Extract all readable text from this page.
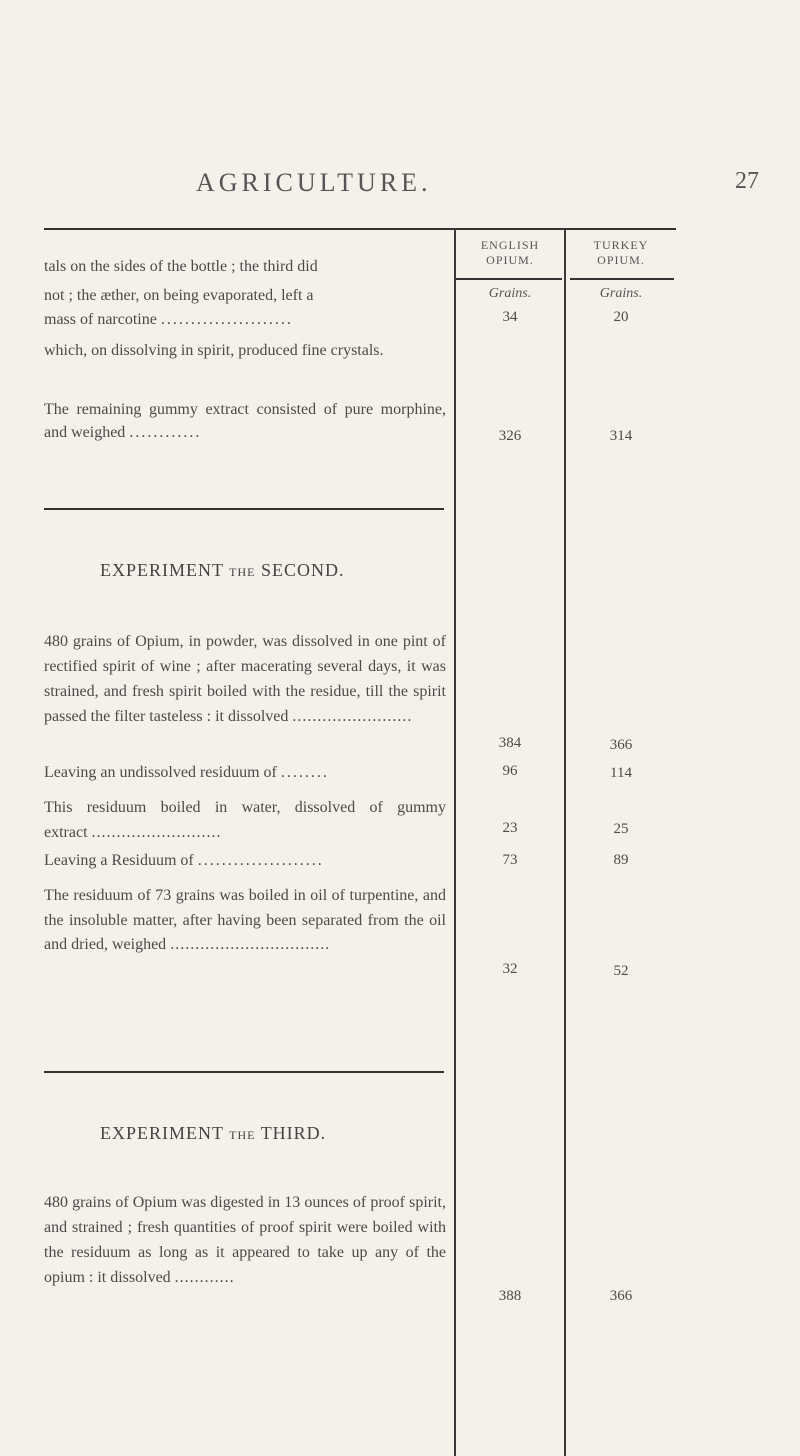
AGRICULTURE.	27
ENGLISH
OPIUM.
TURKEY
OPIUM.
Grains.	Grains.
tals on the sides of the bottle ; the third did
not ; the æther, on being evaporated, left a
mass of narcotine ......................	34	20
which, on dissolving in spirit, produced fine crystals.
The remaining gummy extract consisted of pure morphine, and weighed ............	326	314
EXPERIMENT THE SECOND.
480 grains of Opium, in powder, was dissolved in one pint of rectified spirit of wine ; after macerating several days, it was strained, and fresh spirit boiled with the residue, till the spirit passed the filter tasteless : it dissolved ........................
384	366
Leaving an undissolved residuum of ........	96	114
This residuum boiled in water, dissolved of gummy extract ..........................	23	25
Leaving a Residuum of .....................	73	89
The residuum of 73 grains was boiled in oil of turpentine, and the insoluble matter, after having been separated from the oil and dried, weighed ................................
32	52
EXPERIMENT THE THIRD.
480 grains of Opium was digested in 13 ounces of proof spirit, and strained ; fresh quantities of proof spirit were boiled with the residuum as long as it appeared to take up any of the opium : it dissolved ............
388	366
